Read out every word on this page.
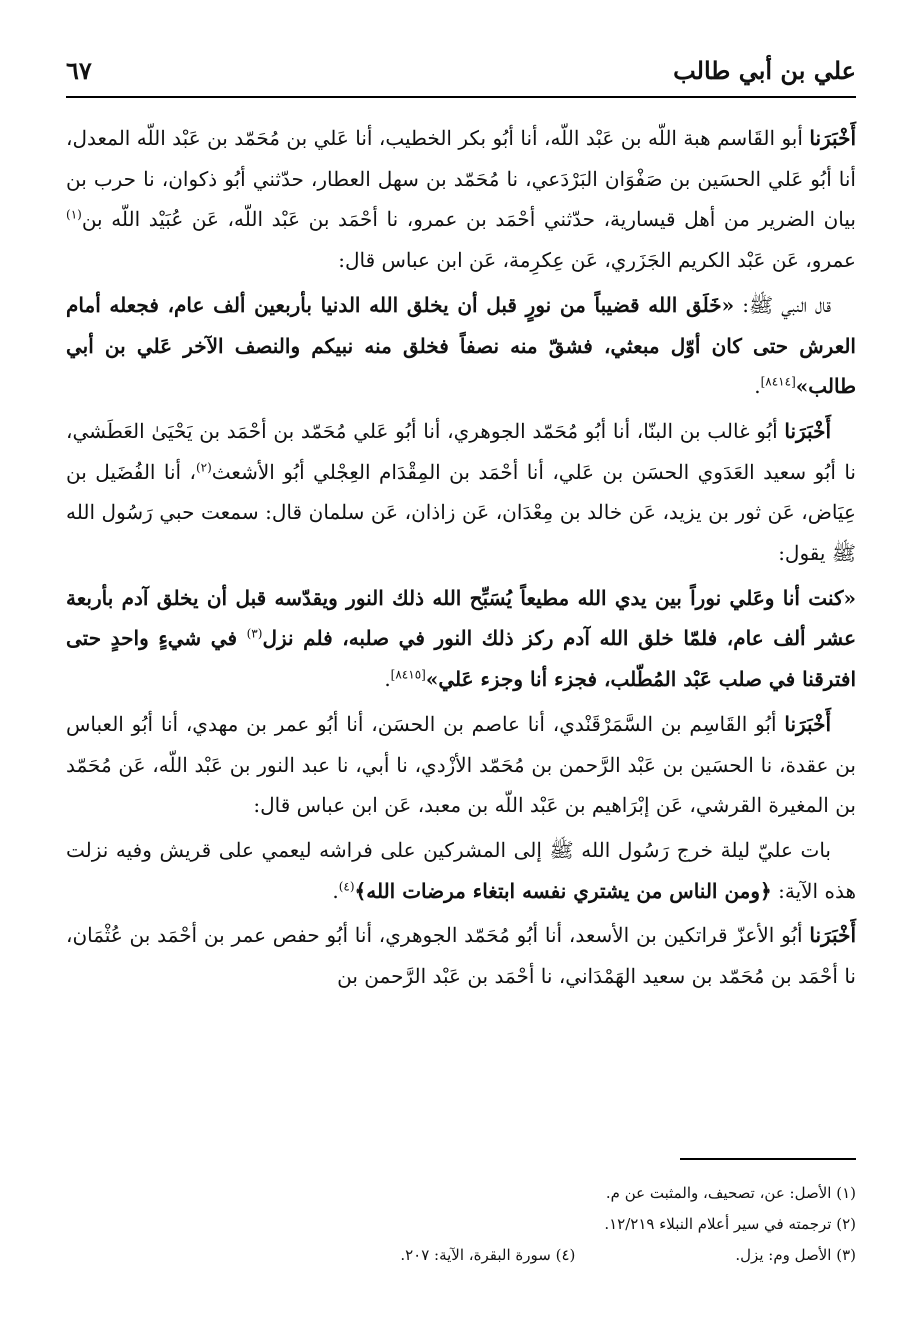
علي بن أبي طالب
٦٧

أَخْبَرَنا أبو القَاسم هبة اللّه بن عَبْد اللّه، أنا أبُو بكر الخطيب، أنا عَلي بن مُحَمّد بن عَبْد اللّه المعدل، أنا أبُو عَلي الحسَين بن صَفْوَان البَرْدَعي، نا مُحَمّد بن سهل العطار، حدّثني أبُو ذكوان، نا حرب بن بيان الضرير من أهل قيسارية، حدّثني أحْمَد بن عمرو، نا أحْمَد بن عَبْد اللّه، عَن عُبَيْد اللّه بن$^{(١)}$ عمرو، عَن عَبْد الكريم الجَزَري، عَن عِكرِمة، عَن ابن عباس قال:

قال النبي ﷺ: «خَلَق الله قضيباً من نورٍ قبل أن يخلق الله الدنيا بأربعين ألف عام، فجعله أمام العرش حتى كان أوّل مبعثي، فشقّ منه نصفاً فخلق منه نبيكم والنصف الآخر عَلي بن أبي طالب»[٨٤١٤].

أَخْبَرَنا أبُو غالب بن البنّا، أنا أبُو مُحَمّد الجوهري، أنا أبُو عَلي مُحَمّد بن أحْمَد بن يَحْيَىٰ العَطَشي، نا أبُو سعيد العَدَوي الحسَن بن عَلي، أنا أحْمَد بن المِقْدَام العِجْلي أبُو الأشعث$^{(٢)}$، أنا الفُضَيل بن عِيَاض، عَن ثور بن يزيد، عَن خالد بن مِعْدَان، عَن زاذان، عَن سلمان قال: سمعت حبي رَسُول الله ﷺ يقول:

«كنت أنا وعَلي نوراً بين يدي الله مطيعاً يُسَبِّح الله ذلك النور ويقدّسه قبل أن يخلق آدم بأربعة عشر ألف عام، فلمّا خلق الله آدم ركز ذلك النور في صلبه، فلم نزل$^{(٣)}$ في شيءٍ واحدٍ حتى افترقنا في صلب عَبْد المُطّلب، فجزء أنا وجزء عَلي»[٨٤١٥].

أَخْبَرَنا أبُو القَاسِم بن السَّمَرْقَنْدي، أنا عاصم بن الحسَن، أنا أبُو عمر بن مهدي، أنا أبُو العباس بن عقدة، نا الحسَين بن عَبْد الرَّحمن بن مُحَمّد الأزْدي، نا أبي، نا عبد النور بن عَبْد اللّه، عَن مُحَمّد بن المغيرة القرشي، عَن إبْرَاهيم بن عَبْد اللّه بن معبد، عَن ابن عباس قال:

بات عليّ ليلة خرج رَسُول الله ﷺ إلى المشركين على فراشه ليعمي على قريش وفيه نزلت هذه الآية: ﴿ومن الناس من يشتري نفسه ابتغاء مرضات الله﴾$^{(٤)}$.

أَخْبَرَنا أبُو الأعزّ قراتكين بن الأسعد، أنا أبُو مُحَمّد الجوهري، أنا أبُو حفص عمر بن أحْمَد بن عُثْمَان، نا أحْمَد بن مُحَمّد بن سعيد الهَمْدَاني، نا أحْمَد بن عَبْد الرَّحمن بن

(١) الأصل: عن، تصحيف، والمثبت عن م.
(٢) ترجمته في سير أعلام النبلاء ١٢/٢١٩.
(٣) الأصل وم: يزل.
(٤) سورة البقرة، الآية: ٢٠٧.
